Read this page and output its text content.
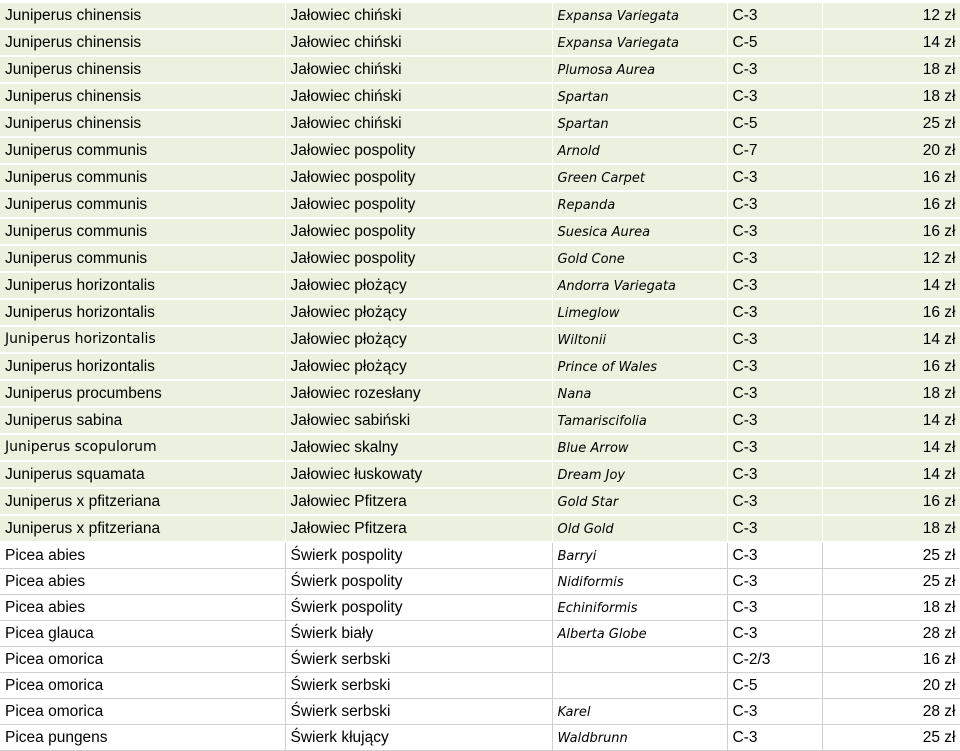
Juniperus chinensis	Jałowiec chiński	Expansa Variegata	C-3	12 zł
Juniperus chinensis	Jałowiec chiński	Expansa Variegata	C-5	14 zł
Juniperus chinensis	Jałowiec chiński	Plumosa Aurea	C-3	18 zł
Juniperus chinensis	Jałowiec chiński	Spartan	C-3	18 zł
Juniperus chinensis	Jałowiec chiński	Spartan	C-5	25 zł
Juniperus communis	Jałowiec pospolity	Arnold	C-7	20 zł
Juniperus communis	Jałowiec pospolity	Green Carpet	C-3	16 zł
Juniperus communis	Jałowiec pospolity	Repanda	C-3	16 zł
Juniperus communis	Jałowiec pospolity	Suesica Aurea	C-3	16 zł
Juniperus communis	Jałowiec pospolity	Gold Cone	C-3	12 zł
Juniperus horizontalis	Jałowiec płożący	Andorra Variegata	C-3	14 zł
Juniperus horizontalis	Jałowiec płożący	Limeglow	C-3	16 zł
Juniperus horizontalis	Jałowiec płożący	Wiltonii	C-3	14 zł
Juniperus horizontalis	Jałowiec płożący	Prince of Wales	C-3	16 zł
Juniperus procumbens	Jałowiec rozesłany	Nana	C-3	18 zł
Juniperus sabina	Jałowiec sabiński	Tamariscifolia	C-3	14 zł
Juniperus scopulorum	Jałowiec skalny	Blue Arrow	C-3	14 zł
Juniperus squamata	Jałowiec łuskowaty	Dream Joy	C-3	14 zł
Juniperus x pfitzeriana	Jałowiec Pfitzera	Gold Star	C-3	16 zł
Juniperus x pfitzeriana	Jałowiec Pfitzera	Old Gold	C-3	18 zł
Picea abies	Świerk pospolity	Barryi	C-3	25 zł
Picea abies	Świerk pospolity	Nidiformis	C-3	25 zł
Picea abies	Świerk pospolity	Echiniformis	C-3	18 zł
Picea glauca	Świerk biały	Alberta Globe	C-3	28 zł
Picea omorica	Świerk serbski		C-2/3	16 zł
Picea omorica	Świerk serbski		C-5	20 zł
Picea omorica	Świerk serbski	Karel	C-3	28 zł
Picea pungens	Świerk kłujący	Waldbrunn	C-3	25 zł
